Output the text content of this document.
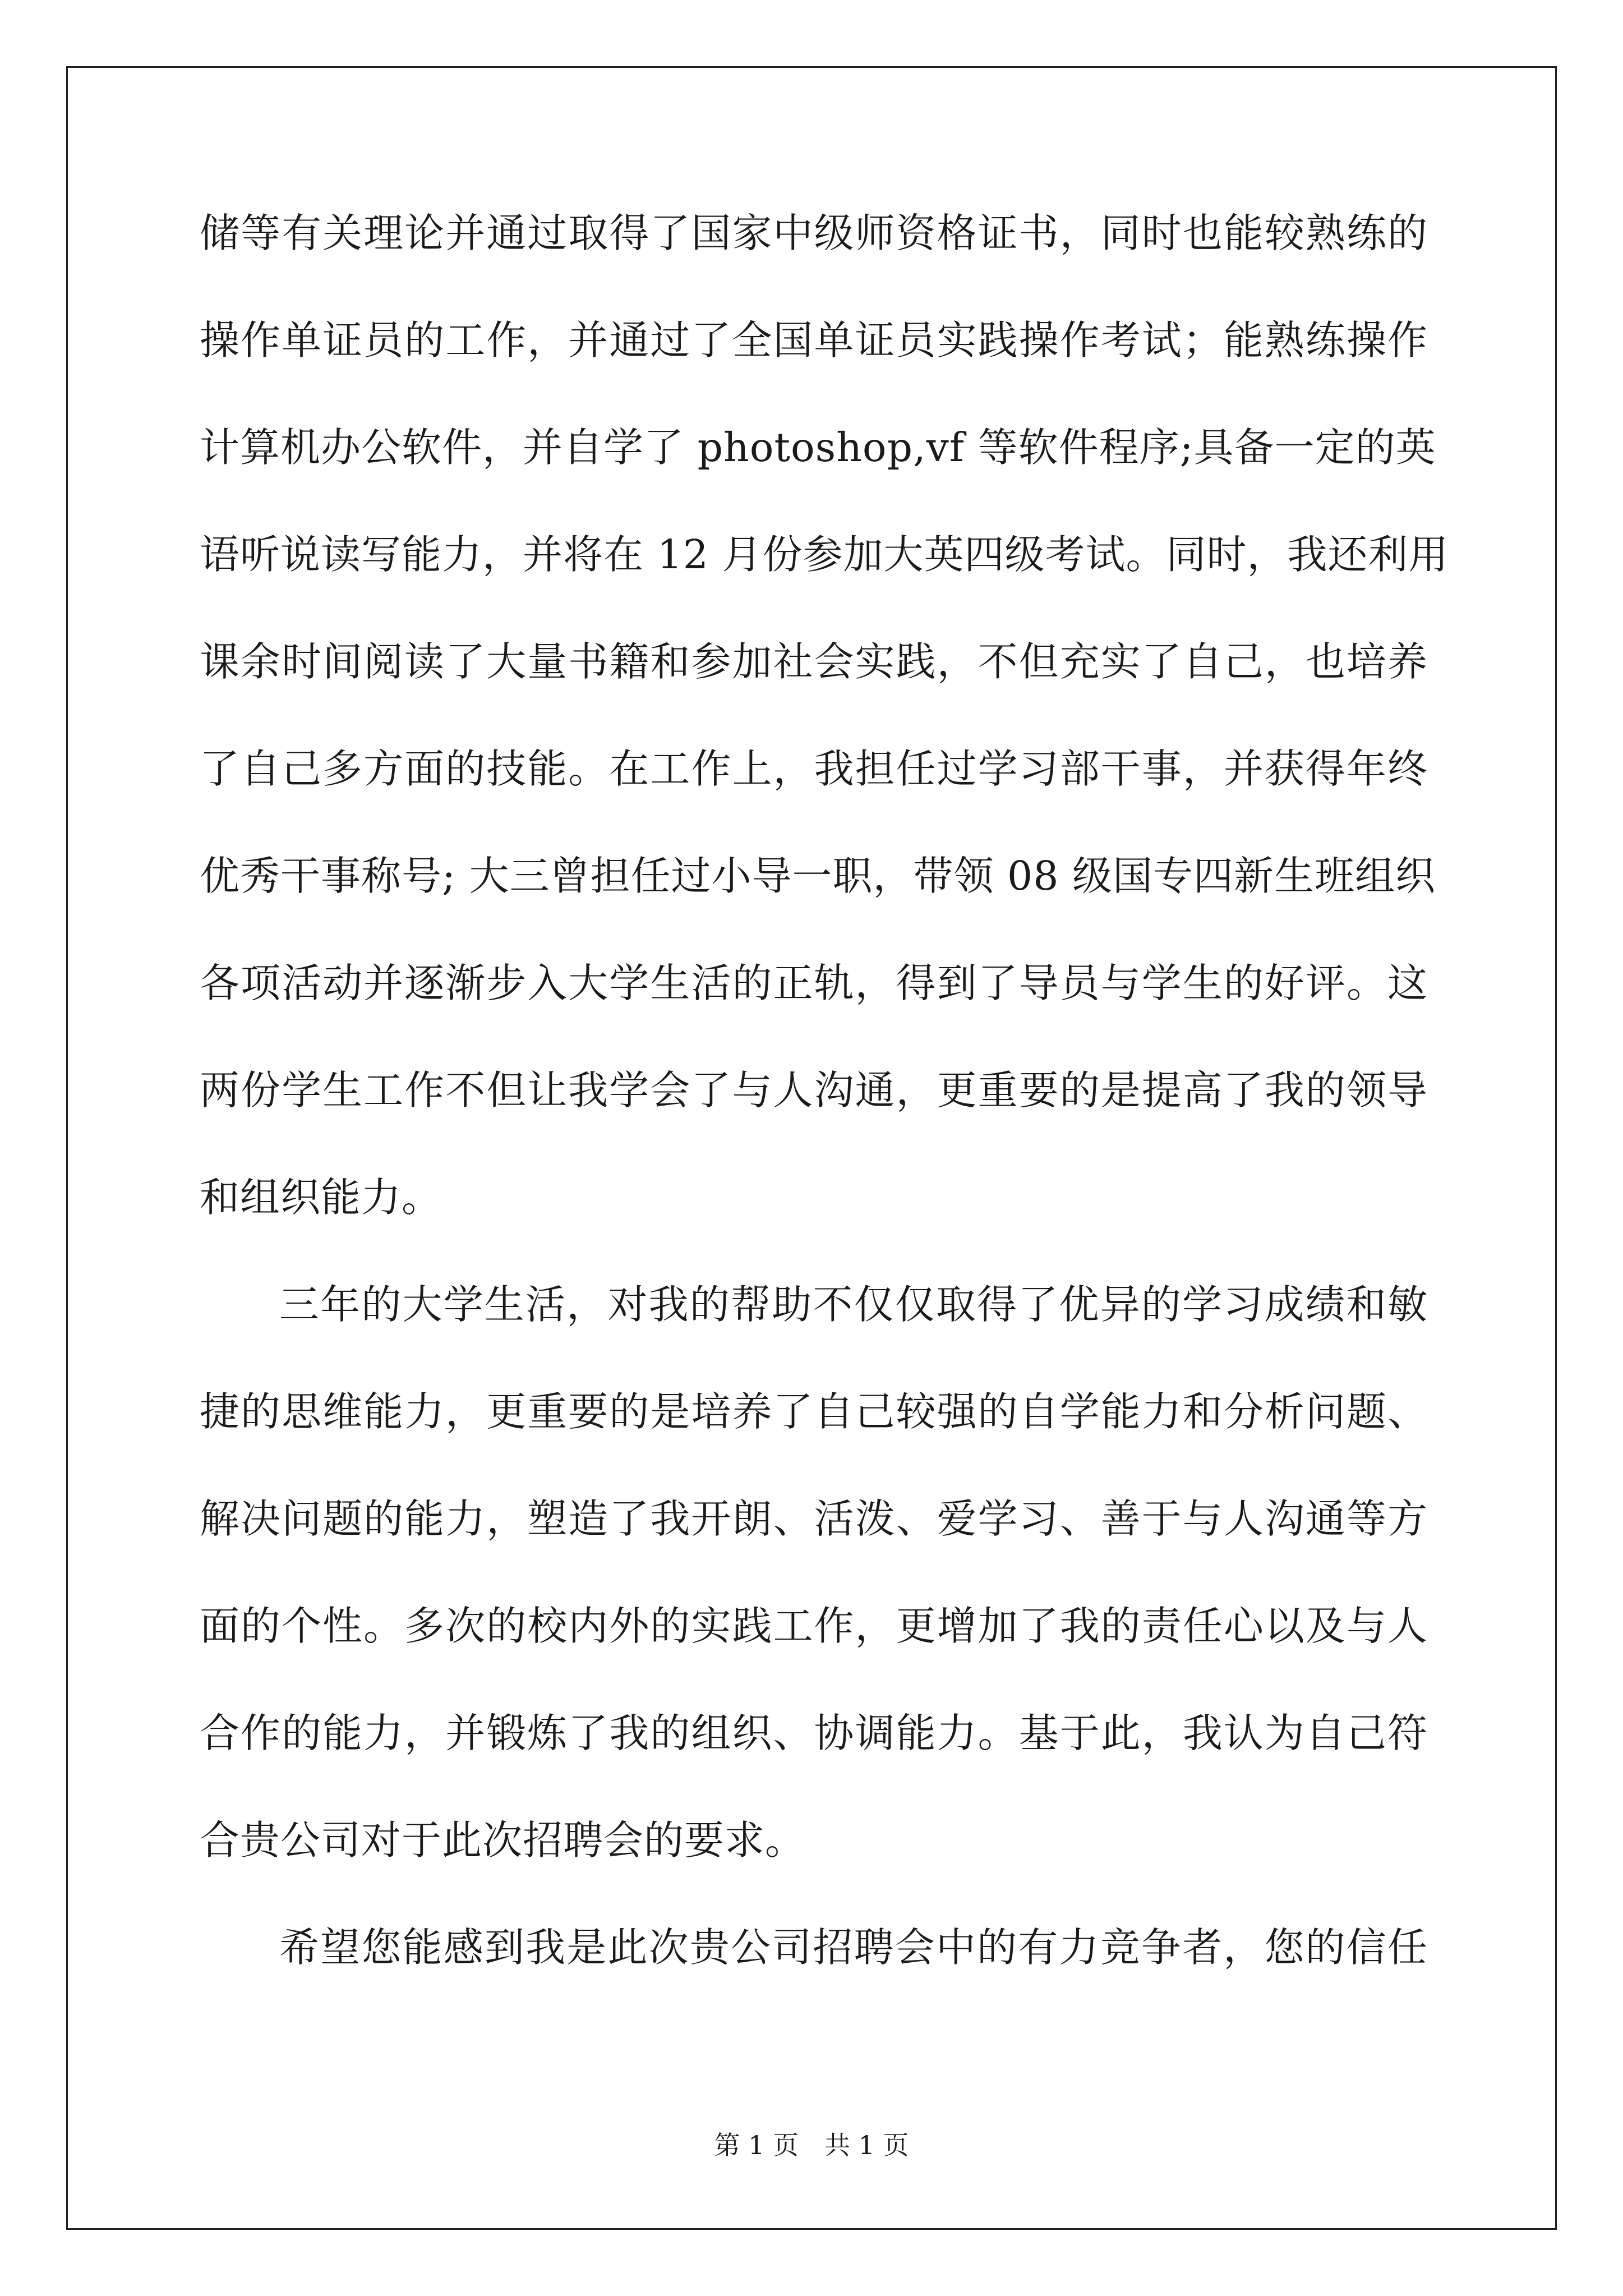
储等有关理论并通过取得了国家中级师资格证书，同时也能较熟练的
操作单证员的工作，并通过了全国单证员实践操作考试；能熟练操作
计算机办公软件，并自学了 photoshop,vf 等软件程序;具备一定的英
语听说读写能力，并将在 12 月份参加大英四级考试。同时，我还利用
课余时间阅读了大量书籍和参加社会实践，不但充实了自己，也培养
了自己多方面的技能。在工作上，我担任过学习部干事，并获得年终
优秀干事称号; 大三曾担任过小导一职，带领 08 级国专四新生班组织
各项活动并逐渐步入大学生活的正轨，得到了导员与学生的好评。这
两份学生工作不但让我学会了与人沟通，更重要的是提高了我的领导
和组织能力。
三年的大学生活，对我的帮助不仅仅取得了优异的学习成绩和敏
捷的思维能力，更重要的是培养了自己较强的自学能力和分析问题、
解决问题的能力，塑造了我开朗、活泼、爱学习、善于与人沟通等方
面的个性。多次的校内外的实践工作，更增加了我的责任心以及与人
合作的能力，并锻炼了我的组织、协调能力。基于此，我认为自己符
合贵公司对于此次招聘会的要求。
希望您能感到我是此次贵公司招聘会中的有力竞争者，您的信任
第 1 页 共 1 页
